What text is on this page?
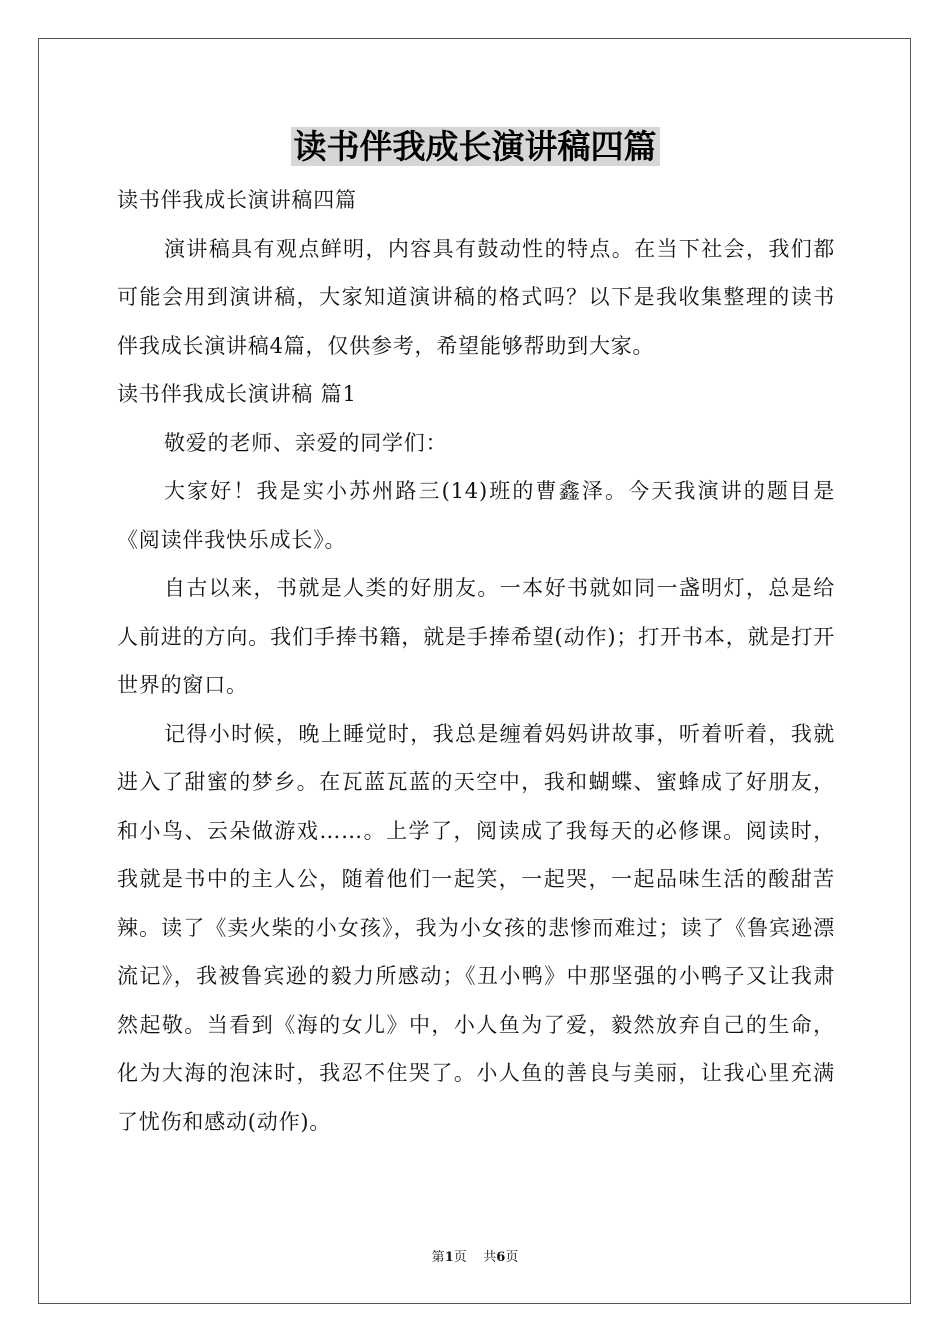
读书伴我成长演讲稿四篇

读书伴我成长演讲稿四篇

演讲稿具有观点鲜明，内容具有鼓动性的特点。在当下社会，我们都可能会用到演讲稿，大家知道演讲稿的格式吗？以下是我收集整理的读书伴我成长演讲稿4篇，仅供参考，希望能够帮助到大家。

读书伴我成长演讲稿 篇1

敬爱的老师、亲爱的同学们：

大家好！我是实小苏州路三(14)班的曹鑫泽。今天我演讲的题目是《阅读伴我快乐成长》。

自古以来，书就是人类的好朋友。一本好书就如同一盏明灯，总是给人前进的方向。我们手捧书籍，就是手捧希望(动作)；打开书本，就是打开世界的窗口。

记得小时候，晚上睡觉时，我总是缠着妈妈讲故事，听着听着，我就进入了甜蜜的梦乡。在瓦蓝瓦蓝的天空中，我和蝴蝶、蜜蜂成了好朋友，和小鸟、云朵做游戏……。上学了，阅读成了我每天的必修课。阅读时，我就是书中的主人公，随着他们一起笑，一起哭，一起品味生活的酸甜苦辣。读了《卖火柴的小女孩》，我为小女孩的悲惨而难过；读了《鲁宾逊漂流记》，我被鲁宾逊的毅力所感动；《丑小鸭》中那坚强的小鸭子又让我肃然起敬。当看到《海的女儿》中，小人鱼为了爱，毅然放弃自己的生命，化为大海的泡沫时，我忍不住哭了。小人鱼的善良与美丽，让我心里充满了忧伤和感动(动作)。

第1页    共6页
